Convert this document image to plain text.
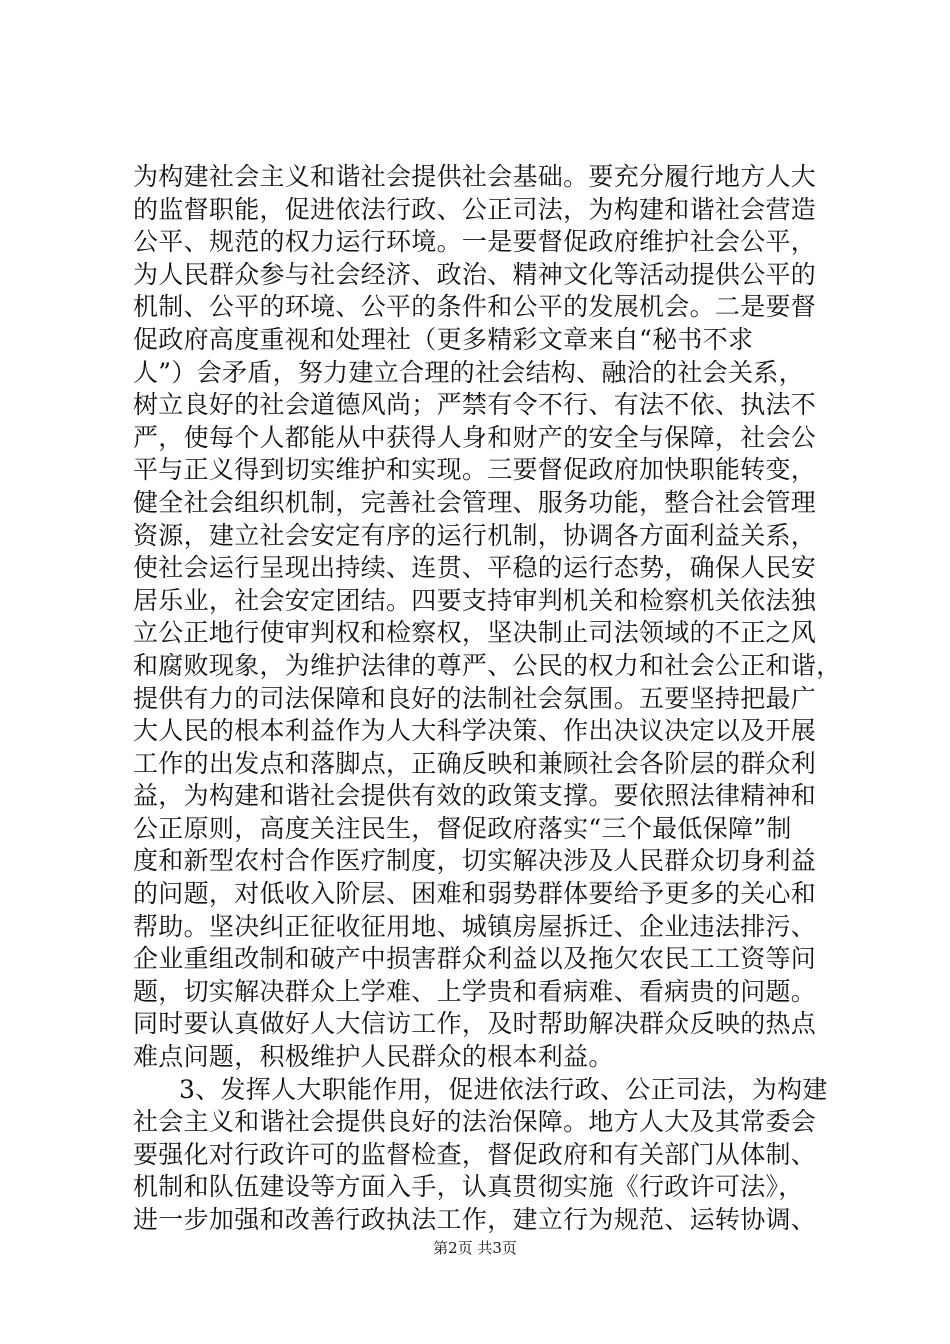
为构建社会主义和谐社会提供社会基础。要充分履行地方人大
的监督职能，促进依法行政、公正司法，为构建和谐社会营造
公平、规范的权力运行环境。一是要督促政府维护社会公平，
为人民群众参与社会经济、政治、精神文化等活动提供公平的
机制、公平的环境、公平的条件和公平的发展机会。二是要督
促政府高度重视和处理社（更多精彩文章来自“秘书不求
人”）会矛盾，努力建立合理的社会结构、融洽的社会关系，
树立良好的社会道德风尚；严禁有令不行、有法不依、执法不
严，使每个人都能从中获得人身和财产的安全与保障，社会公
平与正义得到切实维护和实现。三要督促政府加快职能转变，
健全社会组织机制，完善社会管理、服务功能，整合社会管理
资源，建立社会安定有序的运行机制，协调各方面利益关系，
使社会运行呈现出持续、连贯、平稳的运行态势，确保人民安
居乐业，社会安定团结。四要支持审判机关和检察机关依法独
立公正地行使审判权和检察权，坚决制止司法领域的不正之风
和腐败现象，为维护法律的尊严、公民的权力和社会公正和谐，
提供有力的司法保障和良好的法制社会氛围。五要坚持把最广
大人民的根本利益作为人大科学决策、作出决议决定以及开展
工作的出发点和落脚点，正确反映和兼顾社会各阶层的群众利
益，为构建和谐社会提供有效的政策支撑。要依照法律精神和
公正原则，高度关注民生，督促政府落实“三个最低保障”制
度和新型农村合作医疗制度，切实解决涉及人民群众切身利益
的问题，对低收入阶层、困难和弱势群体要给予更多的关心和
帮助。坚决纠正征收征用地、城镇房屋拆迁、企业违法排污、
企业重组改制和破产中损害群众利益以及拖欠农民工工资等问
题，切实解决群众上学难、上学贵和看病难、看病贵的问题。
同时要认真做好人大信访工作，及时帮助解决群众反映的热点
难点问题，积极维护人民群众的根本利益。
3、发挥人大职能作用，促进依法行政、公正司法，为构建
社会主义和谐社会提供良好的法治保障。地方人大及其常委会
要强化对行政许可的监督检查，督促政府和有关部门从体制、
机制和队伍建设等方面入手，认真贯彻实施《行政许可法》，
进一步加强和改善行政执法工作，建立行为规范、运转协调、
第2页 共3页
